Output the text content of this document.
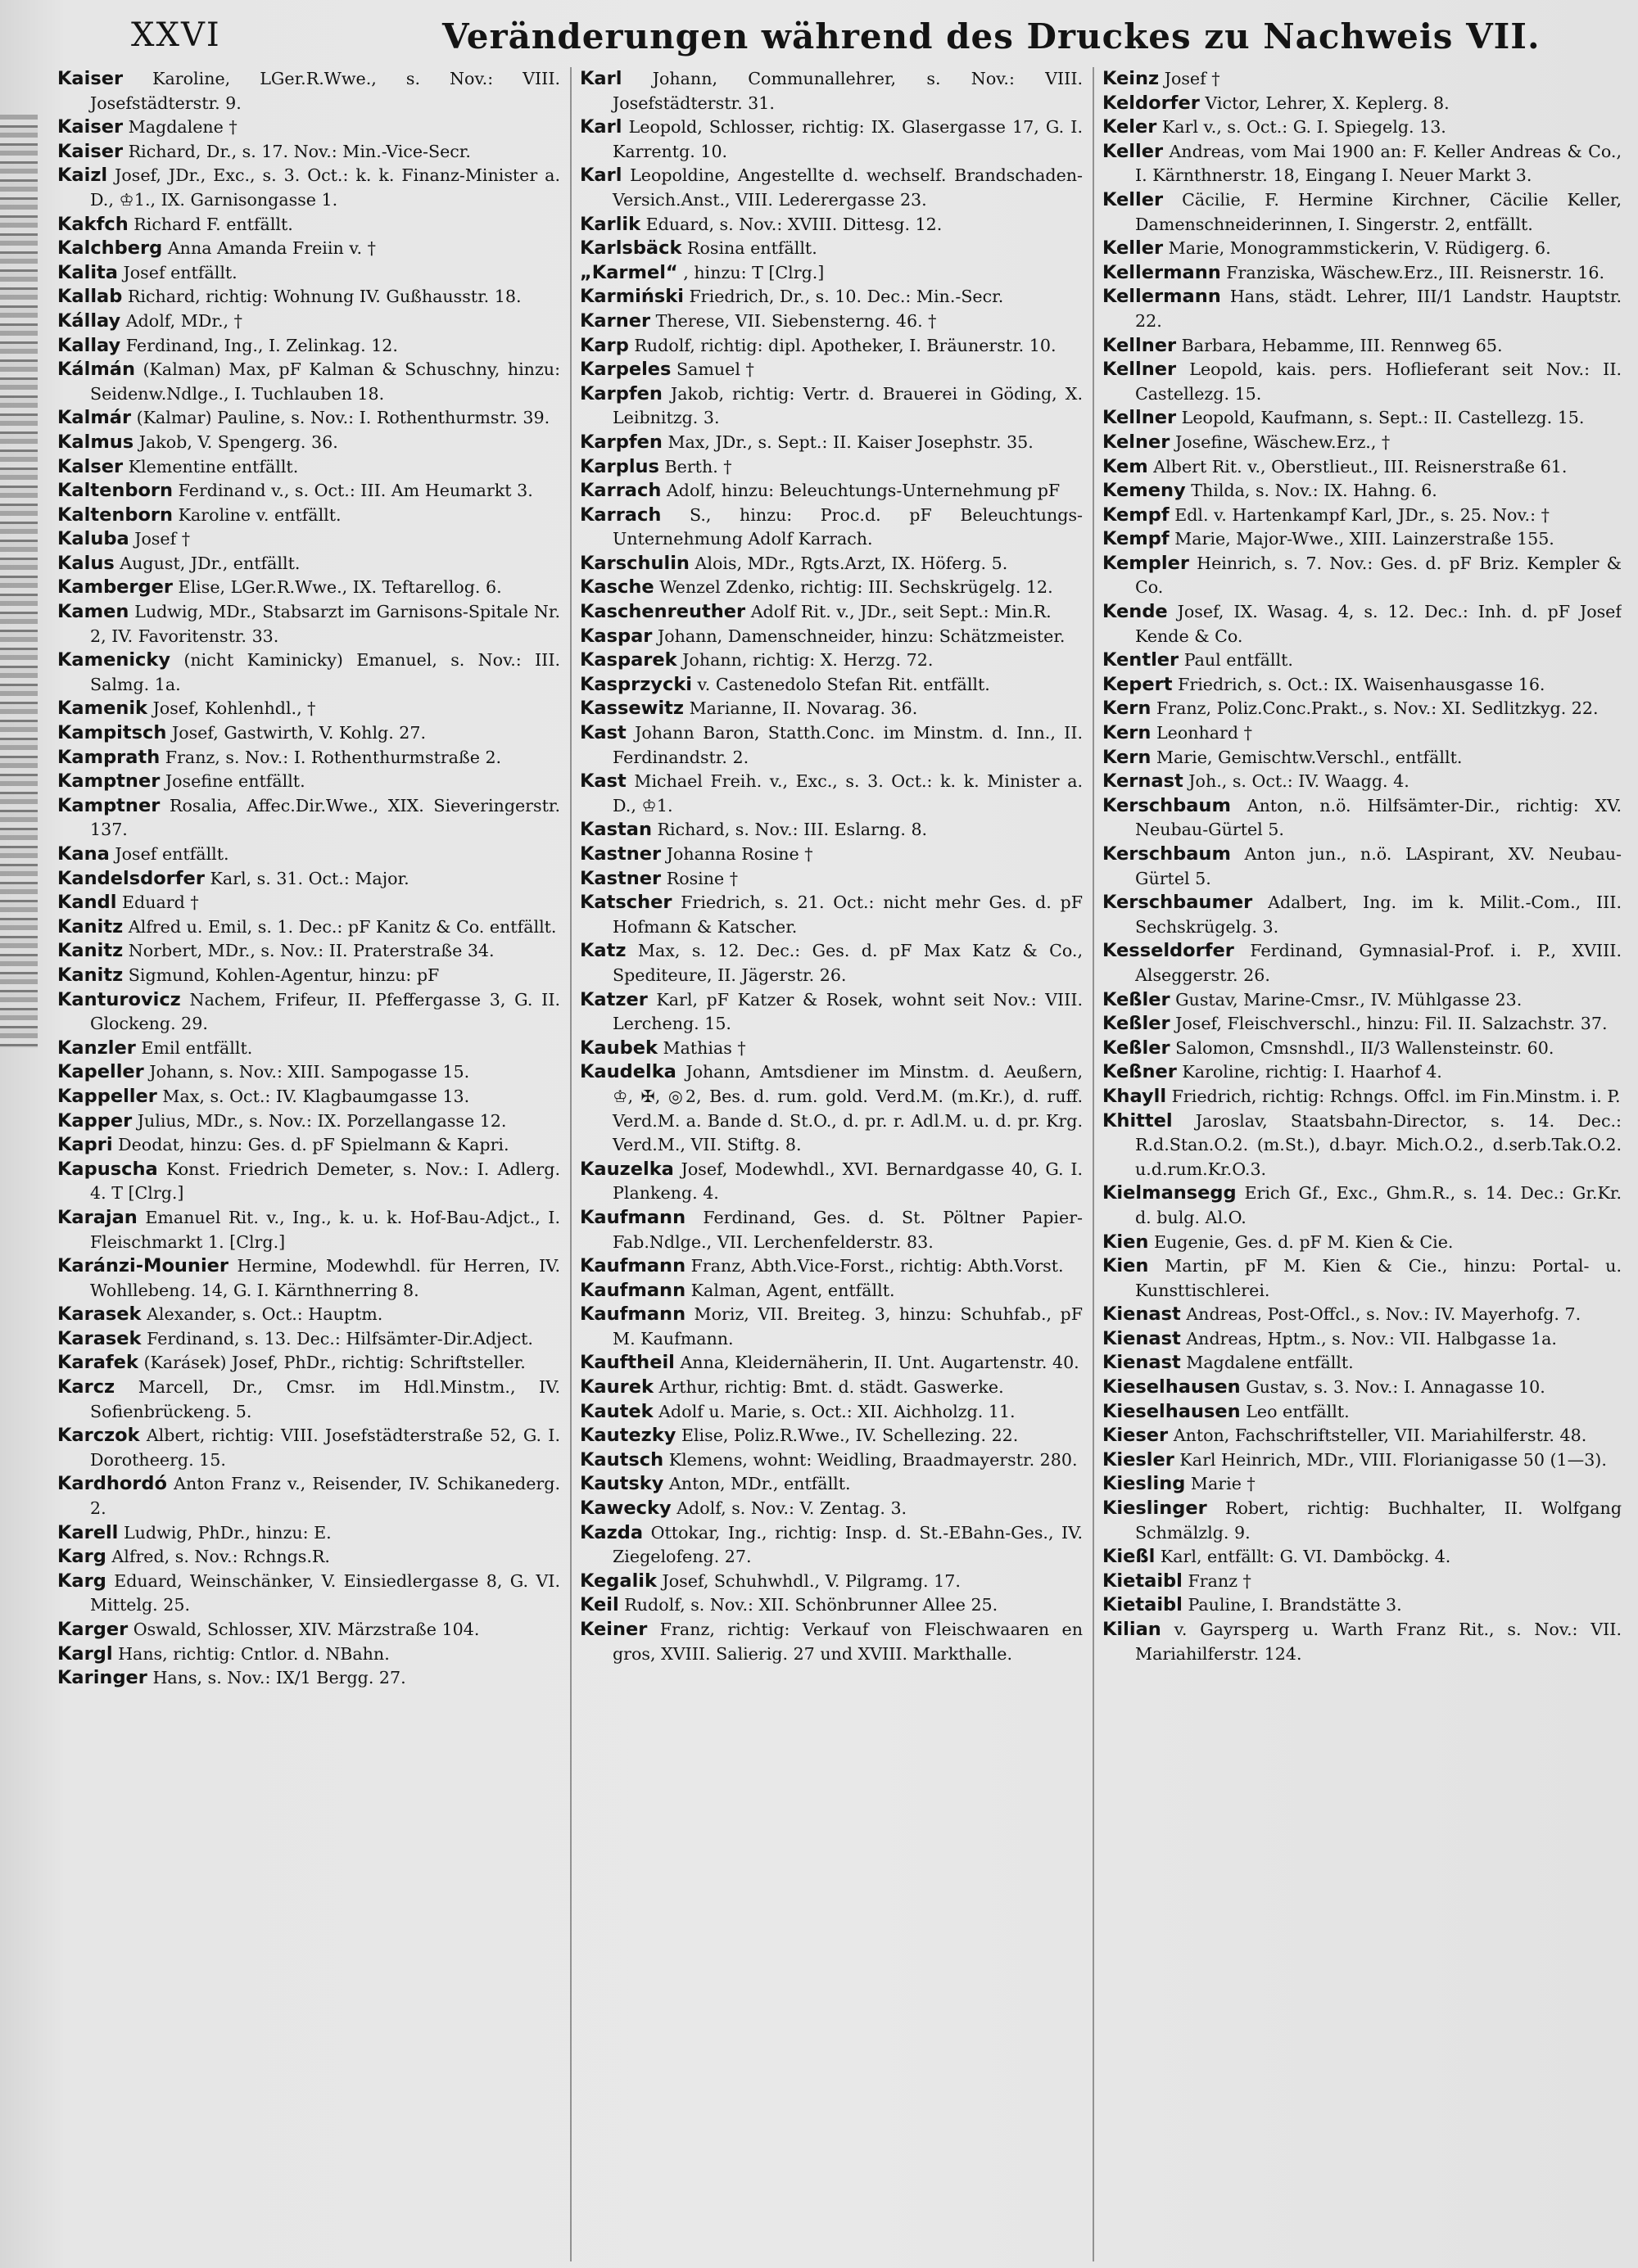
XXVI	Veränderungen während des Druckes zu Nachweis VII.

Kaiser Karoline, LGer.R.Wwe., s. Nov.: VIII. Josefstädterstr. 9.

Kaiser Magdalene †

Kaiser Richard, Dr., s. 17. Nov.: Min.-Vice-Secr.

Kaizl Josef, JDr., Exc., s. 3. Oct.: k. k. Finanz-Minister a. D., ♔1., IX. Garnisongasse 1.

Kakfch Richard F. entfällt.

Kalchberg Anna Amanda Freiin v. †

Kalita Josef entfällt.

Kallab Richard, richtig: Wohnung IV. Gußhausstr. 18.

Kállay Adolf, MDr., †

Kallay Ferdinand, Ing., I. Zelinkag. 12.

Kálmán (Kalman) Max, pF Kalman & Schuschny, hinzu: Seidenw.Ndlge., I. Tuchlauben 18.

Kalmár (Kalmar) Pauline, s. Nov.: I. Rothenthurmstr. 39.

Kalmus Jakob, V. Spengerg. 36.

Kalser Klementine entfällt.

Kaltenborn Ferdinand v., s. Oct.: III. Am Heumarkt 3.

Kaltenborn Karoline v. entfällt.

Kaluba Josef †

Kalus August, JDr., entfällt.

Kamberger Elise, LGer.R.Wwe., IX. Teftarellog. 6.

Kamen Ludwig, MDr., Stabsarzt im Garnisons-Spitale Nr. 2, IV. Favoritenstr. 33.

Kamenicky (nicht Kaminicky) Emanuel, s. Nov.: III. Salmg. 1a.

Kamenik Josef, Kohlenhdl., †

Kampitsch Josef, Gastwirth, V. Kohlg. 27.

Kamprath Franz, s. Nov.: I. Rothenthurmstraße 2.

Kamptner Josefine entfällt.

Kamptner Rosalia, Affec.Dir.Wwe., XIX. Sieveringerstr. 137.

Kana Josef entfällt.

Kandelsdorfer Karl, s. 31. Oct.: Major.

Kandl Eduard †

Kanitz Alfred u. Emil, s. 1. Dec.: pF Kanitz & Co. entfällt.

Kanitz Norbert, MDr., s. Nov.: II. Praterstraße 34.

Kanitz Sigmund, Kohlen-Agentur, hinzu: pF

Kanturovicz Nachem, Frifeur, II. Pfeffergasse 3, G. II. Glockeng. 29.

Kanzler Emil entfällt.

Kapeller Johann, s. Nov.: XIII. Sampogasse 15.

Kappeller Max, s. Oct.: IV. Klagbaumgasse 13.

Kapper Julius, MDr., s. Nov.: IX. Porzellangasse 12.

Kapri Deodat, hinzu: Ges. d. pF Spielmann & Kapri.

Kapuscha Konst. Friedrich Demeter, s. Nov.: I. Adlerg. 4. T [Clrg.]

Karajan Emanuel Rit. v., Ing., k. u. k. Hof-Bau-Adjct., I. Fleischmarkt 1. [Clrg.]

Karánzi-Mounier Hermine, Modewhdl. für Herren, IV. Wohllebeng. 14, G. I. Kärnthnerring 8.

Karasek Alexander, s. Oct.: Hauptm.

Karasek Ferdinand, s. 13. Dec.: Hilfsämter-Dir.Adject.

Karafek (Karásek) Josef, PhDr., richtig: Schriftsteller.

Karcz Marcell, Dr., Cmsr. im Hdl.Minstm., IV. Sofienbrückeng. 5.

Karczok Albert, richtig: VIII. Josefstädterstraße 52, G. I. Dorotheerg. 15.

Kardhordó Anton Franz v., Reisender, IV. Schikanederg. 2.

Karell Ludwig, PhDr., hinzu: E.

Karg Alfred, s. Nov.: Rchngs.R.

Karg Eduard, Weinschänker, V. Einsiedlergasse 8, G. VI. Mittelg. 25.

Karger Oswald, Schlosser, XIV. Märzstraße 104.

Kargl Hans, richtig: Cntlor. d. NBahn.

Karinger Hans, s. Nov.: IX/1 Bergg. 27.

Karl Johann, Communallehrer, s. Nov.: VIII. Josefstädterstr. 31.

Karl Leopold, Schlosser, richtig: IX. Glasergasse 17, G. I. Karrentg. 10.

Karl Leopoldine, Angestellte d. wechself. Brandschaden-Versich.Anst., VIII. Lederergasse 23.

Karlik Eduard, s. Nov.: XVIII. Dittesg. 12.

Karlsbäck Rosina entfällt.

„Karmel“ , hinzu: T [Clrg.]

Karmiński Friedrich, Dr., s. 10. Dec.: Min.-Secr.

Karner Therese, VII. Siebensterng. 46. †

Karp Rudolf, richtig: dipl. Apotheker, I. Bräunerstr. 10.

Karpeles Samuel †

Karpfen Jakob, richtig: Vertr. d. Brauerei in Göding, X. Leibnitzg. 3.

Karpfen Max, JDr., s. Sept.: II. Kaiser Josephstr. 35.

Karplus Berth. †

Karrach Adolf, hinzu: Beleuchtungs-Unternehmung pF

Karrach S., hinzu: Proc.d. pF Beleuchtungs-Unternehmung Adolf Karrach.

Karschulin Alois, MDr., Rgts.Arzt, IX. Höferg. 5.

Kasche Wenzel Zdenko, richtig: III. Sechskrügelg. 12.

Kaschenreuther Adolf Rit. v., JDr., seit Sept.: Min.R.

Kaspar Johann, Damenschneider, hinzu: Schätzmeister.

Kasparek Johann, richtig: X. Herzg. 72.

Kasprzycki v. Castenedolo Stefan Rit. entfällt.

Kassewitz Marianne, II. Novarag. 36.

Kast Johann Baron, Statth.Conc. im Minstm. d. Inn., II. Ferdinandstr. 2.

Kast Michael Freih. v., Exc., s. 3. Oct.: k. k. Minister a. D., ♔1.

Kastan Richard, s. Nov.: III. Eslarng. 8.

Kastner Johanna Rosine †

Kastner Rosine †

Katscher Friedrich, s. 21. Oct.: nicht mehr Ges. d. pF Hofmann & Katscher.

Katz Max, s. 12. Dec.: Ges. d. pF Max Katz & Co., Spediteure, II. Jägerstr. 26.

Katzer Karl, pF Katzer & Rosek, wohnt seit Nov.: VIII. Lercheng. 15.

Kaubek Mathias †

Kaudelka Johann, Amtsdiener im Minstm. d. Aeußern, ♔, ✠, ◎2, Bes. d. rum. gold. Verd.M. (m.Kr.), d. ruff. Verd.M. a. Bande d. St.O., d. pr. r. Adl.M. u. d. pr. Krg. Verd.M., VII. Stiftg. 8.

Kauzelka Josef, Modewhdl., XVI. Bernardgasse 40, G. I. Plankeng. 4.

Kaufmann Ferdinand, Ges. d. St. Pöltner Papier-Fab.Ndlge., VII. Lerchenfelderstr. 83.

Kaufmann Franz, Abth.Vice-Forst., richtig: Abth.Vorst.

Kaufmann Kalman, Agent, entfällt.

Kaufmann Moriz, VII. Breiteg. 3, hinzu: Schuhfab., pF M. Kaufmann.

Kauftheil Anna, Kleidernäherin, II. Unt. Augartenstr. 40.

Kaurek Arthur, richtig: Bmt. d. städt. Gaswerke.

Kautek Adolf u. Marie, s. Oct.: XII. Aichholzg. 11.

Kautezky Elise, Poliz.R.Wwe., IV. Schellezing. 22.

Kautsch Klemens, wohnt: Weidling, Braadmayerstr. 280.

Kautsky Anton, MDr., entfällt.

Kawecky Adolf, s. Nov.: V. Zentag. 3.

Kazda Ottokar, Ing., richtig: Insp. d. St.-EBahn-Ges., IV. Ziegelofeng. 27.

Kegalik Josef, Schuhwhdl., V. Pilgramg. 17.

Keil Rudolf, s. Nov.: XII. Schönbrunner Allee 25.

Keiner Franz, richtig: Verkauf von Fleischwaaren en gros, XVIII. Salierig. 27 und XVIII. Markthalle.

Keinz Josef †

Keldorfer Victor, Lehrer, X. Keplerg. 8.

Keler Karl v., s. Oct.: G. I. Spiegelg. 13.

Keller Andreas, vom Mai 1900 an: F. Keller Andreas & Co., I. Kärnthnerstr. 18, Eingang I. Neuer Markt 3.

Keller Cäcilie, F. Hermine Kirchner, Cäcilie Keller, Damenschneiderinnen, I. Singerstr. 2, entfällt.

Keller Marie, Monogrammstickerin, V. Rüdigerg. 6.

Kellermann Franziska, Wäschew.Erz., III. Reisnerstr. 16.

Kellermann Hans, städt. Lehrer, III/1 Landstr. Hauptstr. 22.

Kellner Barbara, Hebamme, III. Rennweg 65.

Kellner Leopold, kais. pers. Hoflieferant seit Nov.: II. Castellezg. 15.

Kellner Leopold, Kaufmann, s. Sept.: II. Castellezg. 15.

Kelner Josefine, Wäschew.Erz., †

Kem Albert Rit. v., Oberstlieut., III. Reisnerstraße 61.

Kemeny Thilda, s. Nov.: IX. Hahng. 6.

Kempf Edl. v. Hartenkampf Karl, JDr., s. 25. Nov.: †

Kempf Marie, Major-Wwe., XIII. Lainzerstraße 155.

Kempler Heinrich, s. 7. Nov.: Ges. d. pF Briz. Kempler & Co.

Kende Josef, IX. Wasag. 4, s. 12. Dec.: Inh. d. pF Josef Kende & Co.

Kentler Paul entfällt.

Kepert Friedrich, s. Oct.: IX. Waisenhausgasse 16.

Kern Franz, Poliz.Conc.Prakt., s. Nov.: XI. Sedlitzkyg. 22.

Kern Leonhard †

Kern Marie, Gemischtw.Verschl., entfällt.

Kernast Joh., s. Oct.: IV. Waagg. 4.

Kerschbaum Anton, n.ö. Hilfsämter-Dir., richtig: XV. Neubau-Gürtel 5.

Kerschbaum Anton jun., n.ö. LAspirant, XV. Neubau-Gürtel 5.

Kerschbaumer Adalbert, Ing. im k. Milit.-Com., III. Sechskrügelg. 3.

Kesseldorfer Ferdinand, Gymnasial-Prof. i. P., XVIII. Alseggerstr. 26.

Keßler Gustav, Marine-Cmsr., IV. Mühlgasse 23.

Keßler Josef, Fleischverschl., hinzu: Fil. II. Salzachstr. 37.

Keßler Salomon, Cmsnshdl., II/3 Wallensteinstr. 60.

Keßner Karoline, richtig: I. Haarhof 4.

Khayll Friedrich, richtig: Rchngs. Offcl. im Fin.Minstm. i. P.

Khittel Jaroslav, Staatsbahn-Director, s. 14. Dec.: R.d.Stan.O.2. (m.St.), d.bayr. Mich.O.2., d.serb.Tak.O.2. u.d.rum.Kr.O.3.

Kielmansegg Erich Gf., Exc., Ghm.R., s. 14. Dec.: Gr.Kr. d. bulg. Al.O.

Kien Eugenie, Ges. d. pF M. Kien & Cie.

Kien Martin, pF M. Kien & Cie., hinzu: Portal- u. Kunsttischlerei.

Kienast Andreas, Post-Offcl., s. Nov.: IV. Mayerhofg. 7.

Kienast Andreas, Hptm., s. Nov.: VII. Halbgasse 1a.

Kienast Magdalene entfällt.

Kieselhausen Gustav, s. 3. Nov.: I. Annagasse 10.

Kieselhausen Leo entfällt.

Kieser Anton, Fachschriftsteller, VII. Mariahilferstr. 48.

Kiesler Karl Heinrich, MDr., VIII. Florianigasse 50 (1—3).

Kiesling Marie †

Kieslinger Robert, richtig: Buchhalter, II. Wolfgang Schmälzlg. 9.

Kießl Karl, entfällt: G. VI. Damböckg. 4.

Kietaibl Franz †

Kietaibl Pauline, I. Brandstätte 3.

Kilian v. Gayrsperg u. Warth Franz Rit., s. Nov.: VII. Mariahilferstr. 124.
